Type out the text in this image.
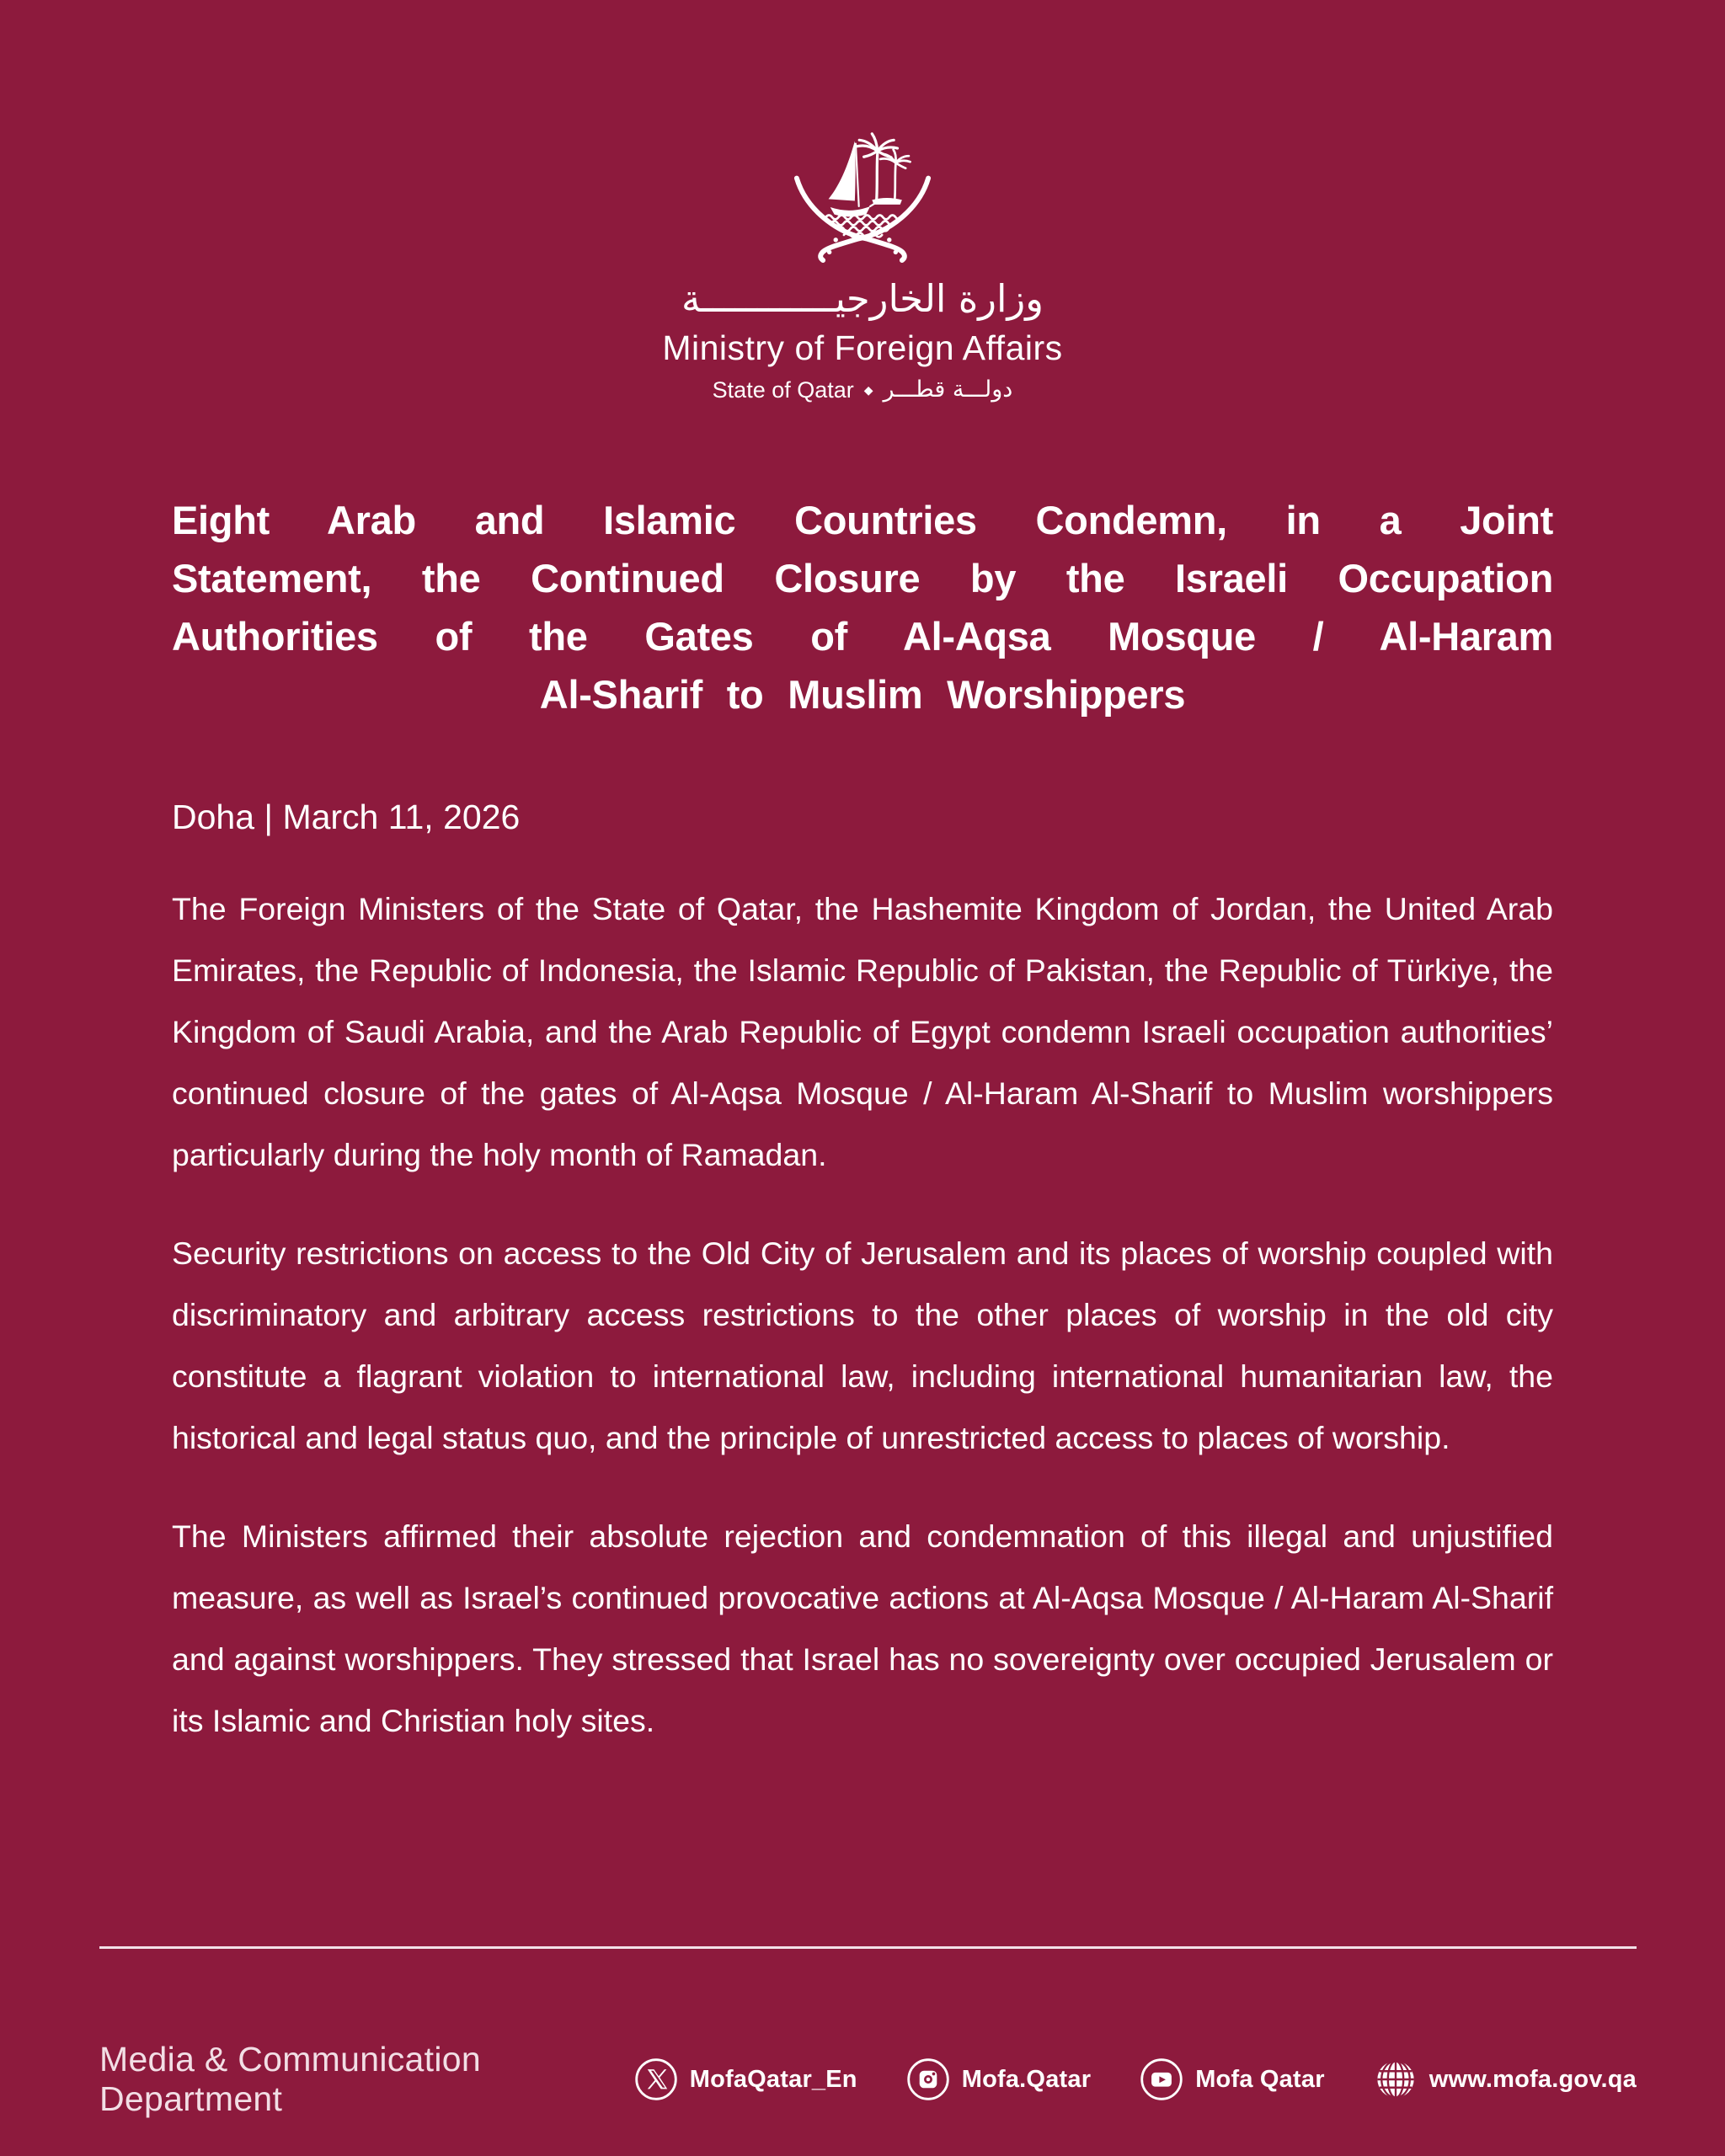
وزارة الخارجيــــــــــــة
Ministry of Foreign Affairs
State of Qatar ◆ دولـــة قطـــر
Eight Arab and Islamic Countries Condemn, in a Joint
Statement, the Continued Closure by the Israeli Occupation
Authorities of the Gates of Al-Aqsa Mosque / Al-Haram
Al-Sharif to Muslim Worshippers
Doha | March 11, 2026

The Foreign Ministers of the State of Qatar, the Hashemite Kingdom of Jordan, the United Arab Emirates, the Republic of Indonesia, the Islamic Republic of Pakistan, the Republic of Türkiye, the Kingdom of Saudi Arabia, and the Arab Republic of Egypt condemn Israeli occupation authorities’ continued closure of the gates of Al-Aqsa Mosque / Al-Haram Al-Sharif to Muslim worshippers particularly during the holy month of Ramadan.

Security restrictions on access to the Old City of Jerusalem and its places of worship coupled with discriminatory and arbitrary access restrictions to the other places of worship in the old city constitute a flagrant violation to international law, including international humanitarian law, the historical and legal status quo, and the principle of unrestricted access to places of worship.

The Ministers affirmed their absolute rejection and condemnation of this illegal and unjustified measure, as well as Israel’s continued provocative actions at Al-Aqsa Mosque / Al-Haram Al-Sharif and against worshippers. They stressed that Israel has no sovereignty over occupied Jerusalem or its Islamic and Christian holy sites.

Media & Communication Department
MofaQatar_En	Mofa.Qatar	Mofa Qatar	www.mofa.gov.qa
